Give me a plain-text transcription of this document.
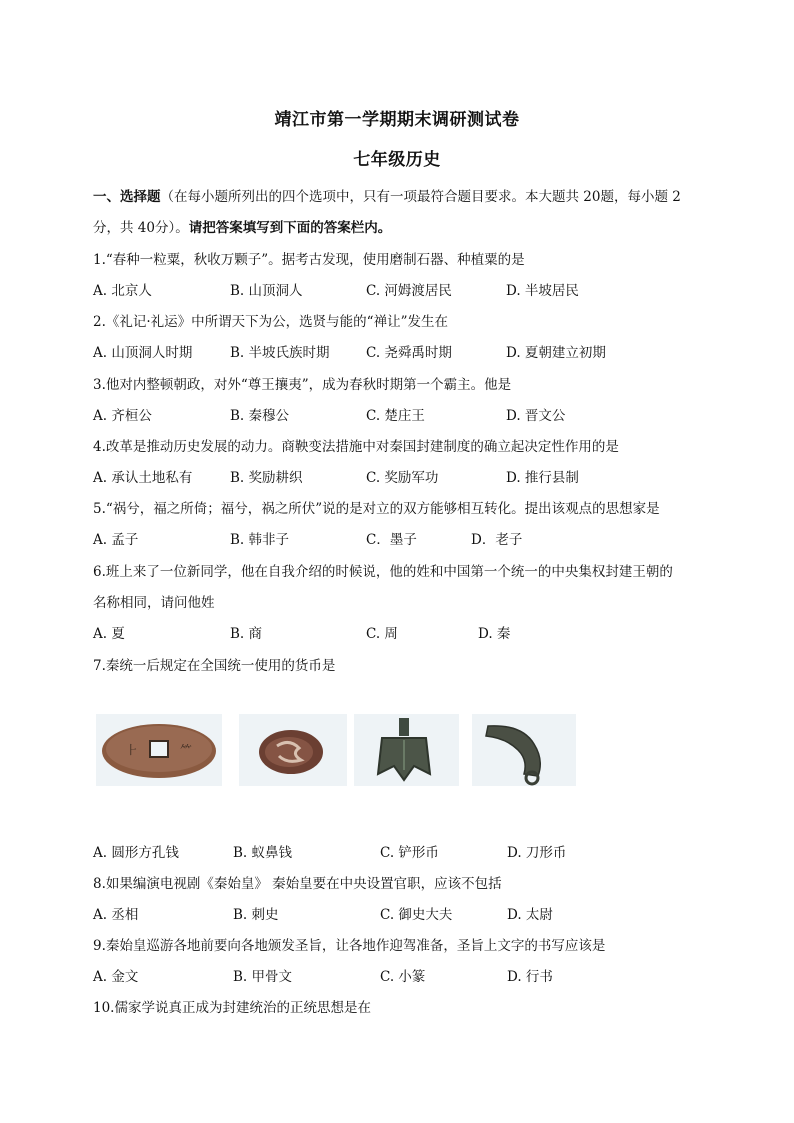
靖江市第一学期期末调研测试卷
七年级历史
一、选择题（在每小题所列出的四个选项中，只有一项最符合题目要求。本大题共 20题，每小题 2
分，共 40分）。请把答案填写到下面的答案栏内。
1.“春种一粒粟，秋收万颗子”。据考古发现，使用磨制石器、种植粟的是
A. 北京人	B. 山顶洞人	C. 河姆渡居民	D. 半坡居民
2.《礼记·礼运》中所谓天下为公，选贤与能的“禅让”发生在
A. 山顶洞人时期	B. 半坡氏族时期	C. 尧舜禹时期	D. 夏朝建立初期
3.他对内整顿朝政，对外“尊王攘夷”，成为春秋时期第一个霸主。他是
A. 齐桓公	B. 秦穆公	C. 楚庄王	D. 晋文公
4.改革是推动历史发展的动力。商鞅变法措施中对秦国封建制度的确立起决定性作用的是
A. 承认土地私有	B. 奖励耕织	C. 奖励军功	D. 推行县制
5.“祸兮，福之所倚；福兮，祸之所伏”说的是对立的双方能够相互转化。提出该观点的思想家是
A. 孟子	B. 韩非子	C．墨子	D．老子
6.班上来了一位新同学，他在自我介绍的时候说，他的姓和中国第一个统一的中央集权封建王朝的
名称相同，请问他姓
A. 夏	B. 商	C. 周	D. 秦
7.秦统一后规定在全国统一使用的货币是
⺊	⺮
A. 圆形方孔钱	B. 蚁鼻钱	C. 铲形币	D. 刀形币
8.如果编演电视剧《秦始皇》 秦始皇要在中央设置官职，应该不包括
A. 丞相	B. 刺史	C. 御史大夫	D. 太尉
9.秦始皇巡游各地前要向各地颁发圣旨，让各地作迎驾准备，圣旨上文字的书写应该是
A. 金文	B. 甲骨文	C. 小篆	D. 行书
10.儒家学说真正成为封建统治的正统思想是在
